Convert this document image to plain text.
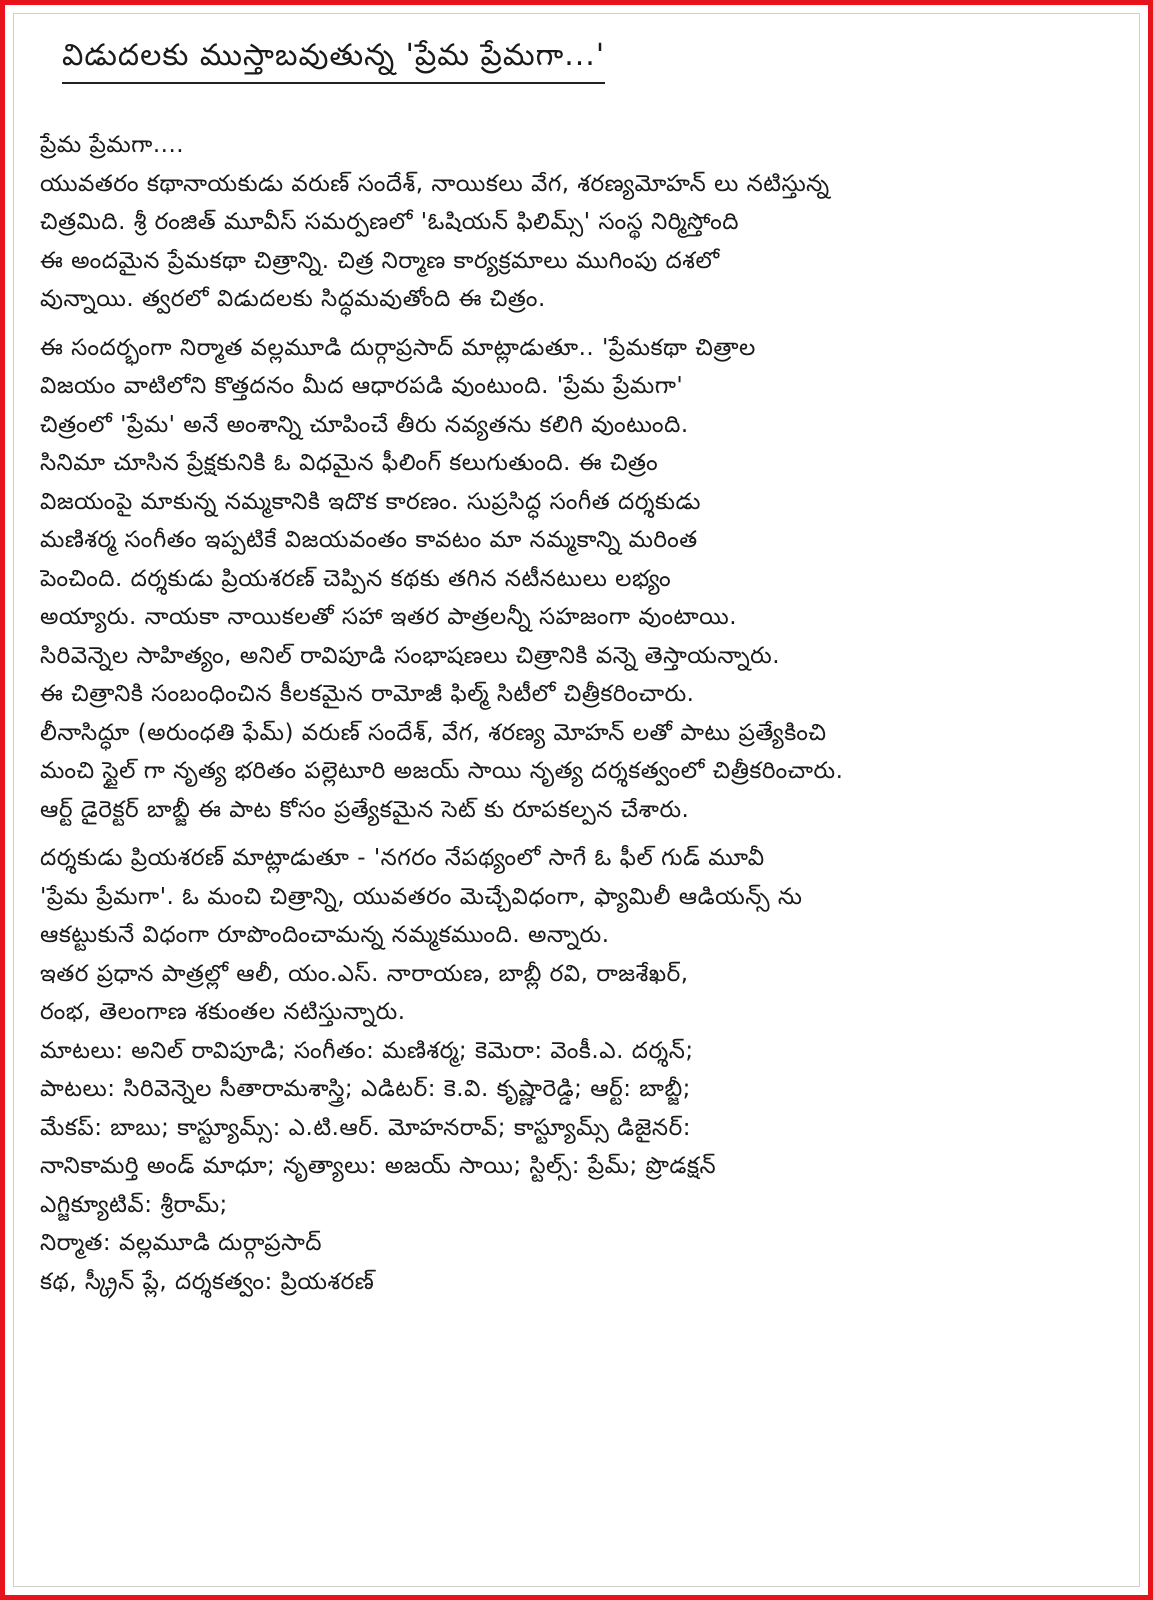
విడుదలకు ముస్తాబవుతున్న 'ప్రేమ ప్రేమగా...'
ప్రేమ ప్రేమగా....
యువతరం కథానాయకుడు వరుణ్ సందేశ్, నాయికలు వేగ, శరణ్యమోహన్ లు నటిస్తున్న
చిత్రమిది. శ్రీ రంజిత్ మూవీస్ సమర్పణలో 'ఓషియన్ ఫిలిమ్స్' సంస్థ నిర్మిస్తోంది
ఈ అందమైన ప్రేమకథా చిత్రాన్ని. చిత్ర నిర్మాణ కార్యక్రమాలు ముగింపు దశలో
వున్నాయి. త్వరలో విడుదలకు సిద్ధమవుతోంది ఈ చిత్రం.
ఈ సందర్భంగా నిర్మాత వల్లమూడి దుర్గాప్రసాద్ మాట్లాడుతూ.. 'ప్రేమకథా చిత్రాల
విజయం వాటిలోని కొత్తదనం మీద ఆధారపడి వుంటుంది. 'ప్రేమ ప్రేమగా'
చిత్రంలో 'ప్రేమ' అనే అంశాన్ని చూపించే తీరు నవ్యతను కలిగి వుంటుంది.
సినిమా చూసిన ప్రేక్షకునికి ఓ విధమైన ఫీలింగ్ కలుగుతుంది. ఈ చిత్రం
విజయంపై మాకున్న నమ్మకానికి ఇదొక కారణం. సుప్రసిద్ధ సంగీత దర్శకుడు
మణిశర్మ సంగీతం ఇప్పటికే విజయవంతం కావటం మా నమ్మకాన్ని మరింత
పెంచింది. దర్శకుడు ప్రియశరణ్ చెప్పిన కథకు తగిన నటీనటులు లభ్యం
అయ్యారు. నాయకా నాయికలతో సహా ఇతర పాత్రలన్నీ సహజంగా వుంటాయి.
సిరివెన్నెల సాహిత్యం, అనిల్ రావిపూడి సంభాషణలు చిత్రానికి వన్నె తెస్తాయన్నారు.
ఈ చిత్రానికి సంబంధించిన కీలకమైన రామోజీ ఫిల్మ్ సిటీలో చిత్రీకరించారు.
లీనాసిద్ధూ (అరుంధతి ఫేమ్) వరుణ్ సందేశ్, వేగ, శరణ్య మోహన్ లతో పాటు ప్రత్యేకించి
మంచి స్టైల్ గా నృత్య భరితం పల్లెటూరి అజయ్ సాయి నృత్య దర్శకత్వంలో చిత్రీకరించారు.
ఆర్ట్ డైరెక్టర్ బాబ్జీ ఈ పాట కోసం ప్రత్యేకమైన సెట్ కు రూపకల్పన చేశారు.
దర్శకుడు ప్రియశరణ్ మాట్లాడుతూ - 'నగరం నేపథ్యంలో సాగే ఓ ఫీల్ గుడ్ మూవీ
'ప్రేమ ప్రేమగా'. ఓ మంచి చిత్రాన్ని, యువతరం మెచ్చేవిధంగా, ఫ్యామిలీ ఆడియన్స్ ను
ఆకట్టుకునే విధంగా రూపొందించామన్న నమ్మకముంది. అన్నారు.
ఇతర ప్రధాన పాత్రల్లో ఆలీ, యం.ఎస్. నారాయణ, బాబ్లీ రవి, రాజశేఖర్,
రంభ, తెలంగాణ శకుంతల నటిస్తున్నారు.
మాటలు: అనిల్ రావిపూడి; సంగీతం: మణిశర్మ; కెమెరా: వెంకీ.ఎ. దర్శన్;
పాటలు: సిరివెన్నెల సీతారామశాస్త్రి; ఎడిటర్: కె.వి. కృష్ణారెడ్డి; ఆర్ట్: బాబ్జీ;
మేకప్: బాబు; కాస్ట్యూమ్స్: ఎ.టి.ఆర్. మోహనరావ్; కాస్ట్యూమ్స్ డిజైనర్:
నానికామర్తి అండ్ మాధూ; నృత్యాలు: అజయ్ సాయి; స్టిల్స్: ప్రేమ్; ప్రొడక్షన్
ఎగ్జిక్యూటివ్: శ్రీరామ్;
నిర్మాత: వల్లమూడి దుర్గాప్రసాద్
కథ, స్క్రీన్ ప్లే, దర్శకత్వం: ప్రియశరణ్
